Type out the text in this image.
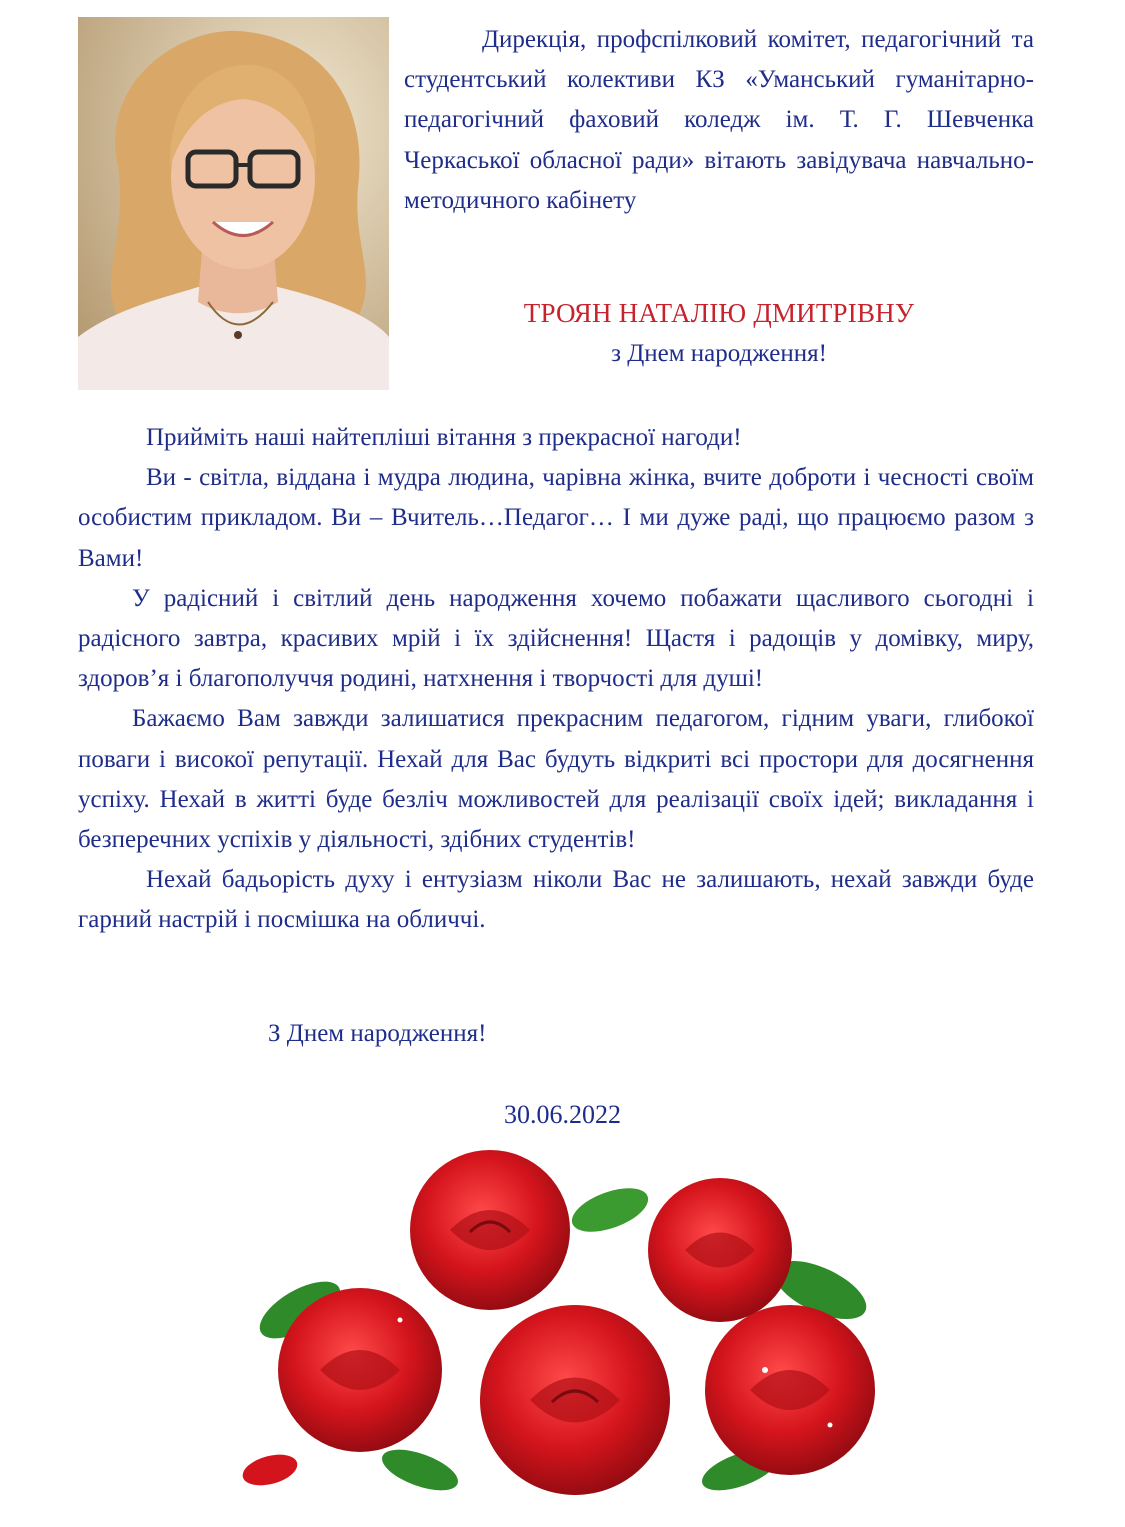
Дирекція, профспілковий комітет, педагогічний та студентський колективи КЗ «Уманський гуманітарно-педагогічний фаховий коледж ім. Т. Г. Шевченка Черкаської обласної ради» вітають завідувача навчально-методичного кабінету
ТРОЯН НАТАЛІЮ ДМИТРІВНУ
з Днем народження!

Прийміть наші найтепліші вітання з прекрасної нагоди!

Ви - світла, віддана і мудра людина, чарівна жінка, вчите доброти і чесності своїм особистим прикладом. Ви – Вчитель…Педагог… І ми дуже раді, що працюємо разом з Вами!

У радісний і світлий день народження хочемо побажати щасливого сьогодні і радісного завтра, красивих мрій і їх здійснення! Щастя і радощів у домівку, миру, здоров’я і благополуччя родині, натхнення і творчості для душі!

Бажаємо Вам завжди залишатися прекрасним педагогом, гідним уваги, глибокої поваги і високої репутації. Нехай для Вас будуть відкриті всі простори для досягнення успіху. Нехай в житті буде безліч можливостей для реалізації своїх ідей; викладання і безперечних успіхів у діяльності, здібних студентів!

Нехай бадьорість духу і ентузіазм ніколи Вас не залишають, нехай завжди буде гарний настрій і посмішка на обличчі.

З Днем народження!
30.06.2022
